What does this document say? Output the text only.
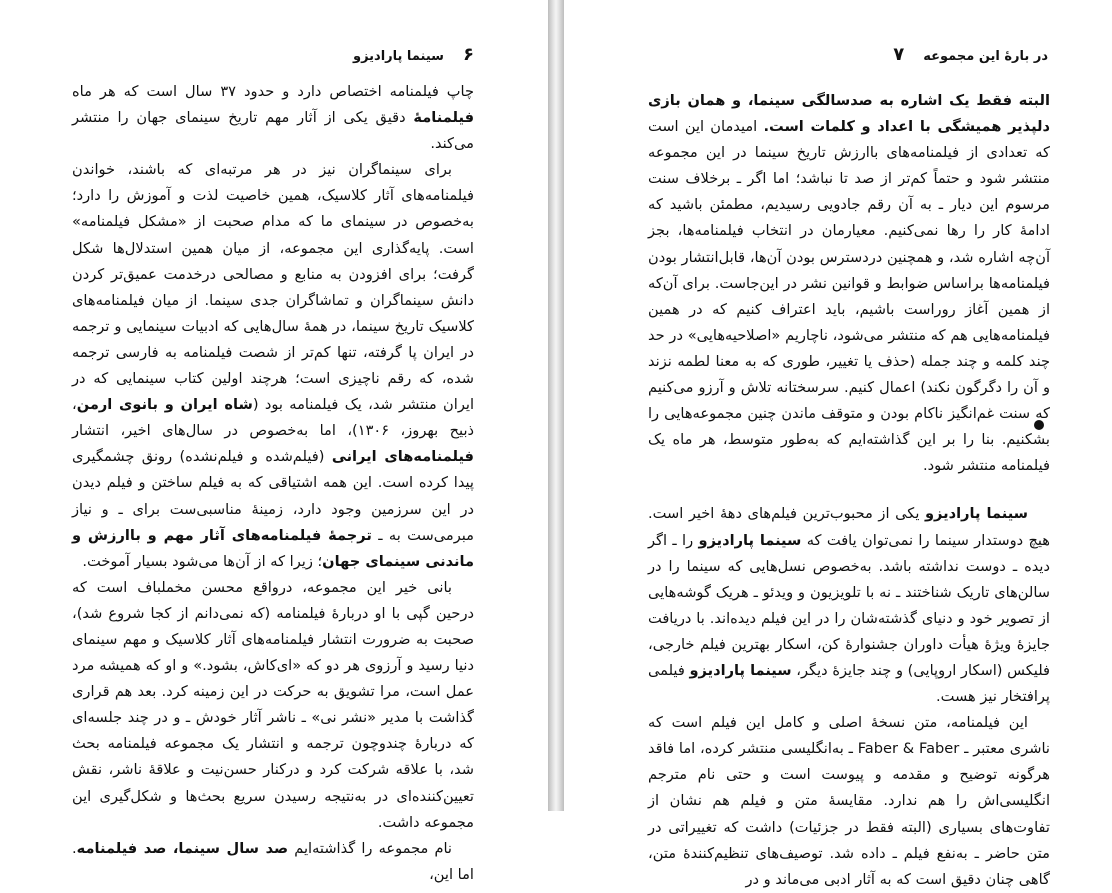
۶  سینما پارادیزو

چاپ فیلمنامه اختصاص دارد و حدود ۳۷ سال است که هر ماه فیلمنامهٔ دقیق یکی از آثار مهم تاریخ سینمای جهان را منتشر می‌کند.

برای سینماگران نیز در هر مرتبه‌ای که باشند، خواندن فیلمنامه‌های آثار کلاسیک، همین خاصیت لذت و آموزش را دارد؛ به‌خصوص در سینمای ما که مدام صحبت از «مشکل فیلمنامه» است. پایه‌گذاری این مجموعه، از میان همین استدلال‌ها شکل گرفت؛ برای افزودن به منابع و مصالحی درخدمت عمیق‌تر کردن دانش سینماگران و تماشاگران جدی سینما. از میان فیلمنامه‌های کلاسیک تاریخ سینما، در همهٔ سال‌هایی که ادبیات سینمایی و ترجمه در ایران پا گرفته، تنها کم‌تر از شصت فیلمنامه به فارسی ترجمه شده، که رقم ناچیزی است؛ هرچند اولین کتاب سینمایی که در ایران منتشر شد، یک فیلمنامه بود (شاه ایران و بانوی ارمن، ذبیح بهروز، ۱۳۰۶)، اما به‌خصوص در سال‌های اخیر، انتشار فیلمنامه‌های ایرانی (فیلم‌شده و فیلم‌نشده) رونق چشمگیری پیدا کرده است. این همه اشتیاقی که به فیلم ساختن و فیلم دیدن در این سرزمین وجود دارد، زمینهٔ مناسبی‌ست برای ـ و نیاز مبرمی‌ست به ـ ترجمهٔ فیلمنامه‌های آثار مهم و باارزش و ماندنی سینمای جهان؛ زیرا که از آن‌ها می‌شود بسیار آموخت.

بانی خیر این مجموعه، درواقع محسن مخملباف است که درحین گپی با او دربارهٔ فیلمنامه (که نمی‌دانم از کجا شروع شد)، صحبت به ضرورت انتشار فیلمنامه‌های آثار کلاسیک و مهم سینمای دنیا رسید و آرزوی هر دو که «ای‌کاش، بشود.» و او که همیشه مرد عمل است، مرا تشویق به حرکت در این زمینه کرد. بعد هم قراری گذاشت با مدیر «نشر نی» ـ ناشر آثار خودش ـ و در چند جلسه‌ای که دربارهٔ چندوچون ترجمه و انتشار یک مجموعه فیلمنامه بحث شد، با علاقه شرکت کرد و درکنار حسن‌نیت و علاقهٔ ناشر، نقش تعیین‌کننده‌ای در به‌نتیجه رسیدن سریع بحث‌ها و شکل‌گیری این مجموعه داشت.

نام مجموعه را گذاشته‌ایم صد سال سینما، صد فیلمنامه. اما این،

در بارهٔ این مجموعه  ۷

البته فقط یک اشاره به صدسالگی سینما، و همان بازی دلپذیر همیشگی با اعداد و کلمات است. امیدمان این است که تعدادی از فیلمنامه‌های باارزش تاریخ سینما در این مجموعه منتشر شود و حتماً کم‌تر از صد تا نباشد؛ اما اگر ـ برخلاف سنت مرسوم این دیار ـ به آن رقم جادویی رسیدیم، مطمئن باشید که ادامهٔ کار را رها نمی‌کنیم. معیارمان در انتخاب فیلمنامه‌ها، بجز آن‌چه اشاره شد، و همچنین دردسترس بودن آن‌ها، قابل‌انتشار بودن فیلمنامه‌ها براساس ضوابط و قوانین نشر در این‌جاست. برای آن‌که از همین آغاز روراست باشیم، باید اعتراف کنیم که در همین فیلمنامه‌هایی هم که منتشر می‌شود، ناچاریم «اصلاحیه‌هایی» در حد چند کلمه و چند جمله (حذف یا تغییر، طوری که به معنا لطمه نزند و آن را دگرگون نکند) اعمال کنیم. سرسختانه تلاش و آرزو می‌کنیم که سنت غم‌انگیز ناکام بودن و متوقف ماندن چنین مجموعه‌هایی را بشکنیم. بنا را بر این گذاشته‌ایم که به‌طور متوسط، هر ماه یک فیلمنامه منتشر شود.

سینما پارادیزو یکی از محبوب‌ترین فیلم‌های دههٔ اخیر است. هیچ دوستدار سینما را نمی‌توان یافت که سینما پارادیزو را ـ اگر دیده ـ دوست نداشته باشد. به‌خصوص نسل‌هایی که سینما را در سالن‌های تاریک شناختند ـ نه با تلویزیون و ویدئو ـ هریک گوشه‌هایی از تصویر خود و دنیای گذشته‌شان را در این فیلم دیده‌اند. با دریافت جایزهٔ ویژهٔ هیأت داوران جشنوارهٔ کن، اسکار بهترین فیلم خارجی، فلیکس (اسکار اروپایی) و چند جایزهٔ دیگر، سینما پارادیزو فیلمی پرافتخار نیز هست.

این فیلمنامه، متن نسخهٔ اصلی و کامل این فیلم است که ناشری معتبر ـ Faber & Faber ـ به‌انگلیسی منتشر کرده، اما فاقد هرگونه توضیح و مقدمه و پیوست است و حتی نام مترجم انگلیسی‌اش را هم ندارد. مقایسهٔ متن و فیلم هم نشان از تفاوت‌های بسیاری (البته فقط در جزئیات) داشت که تغییراتی در متن حاضر ـ به‌نفع فیلم ـ داده شد. توصیف‌های تنظیم‌کنندهٔ متن، گاهی چنان دقیق است که به آثار ادبی می‌ماند و در
